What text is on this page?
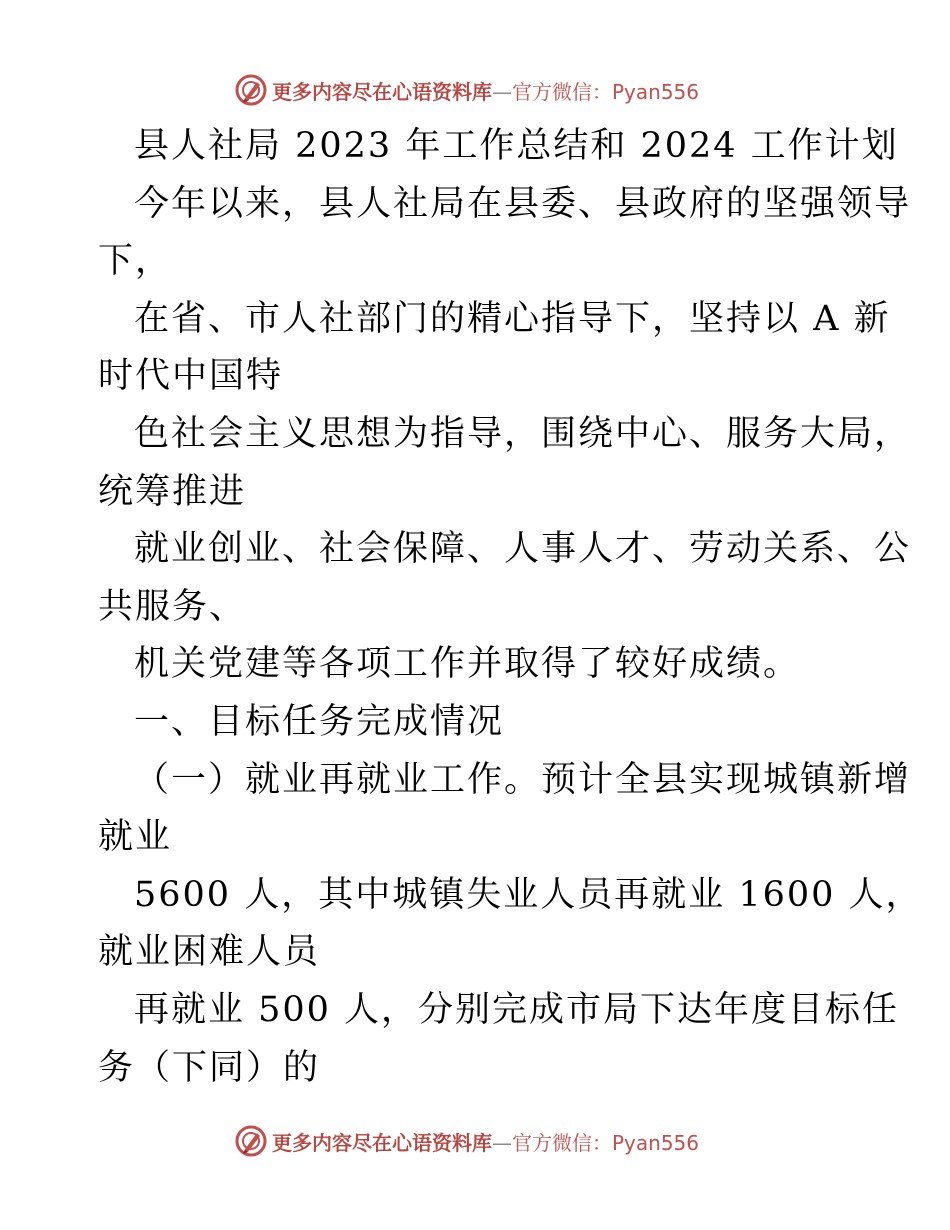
更多内容尽在心语资料库—官方微信：Pyan556
县人社局 2023 年工作总结和 2024 工作计划
今年以来，县人社局在县委、县政府的坚强领导
下，
在省、市人社部门的精心指导下，坚持以 A 新
时代中国特
色社会主义思想为指导，围绕中心、服务大局，
统筹推进
就业创业、社会保障、人事人才、劳动关系、公
共服务、
机关党建等各项工作并取得了较好成绩。
一、目标任务完成情况
（一）就业再就业工作。预计全县实现城镇新增
就业
5600 人，其中城镇失业人员再就业 1600 人，
就业困难人员
再就业 500 人，分别完成市局下达年度目标任
务（下同）的
更多内容尽在心语资料库—官方微信：Pyan556
